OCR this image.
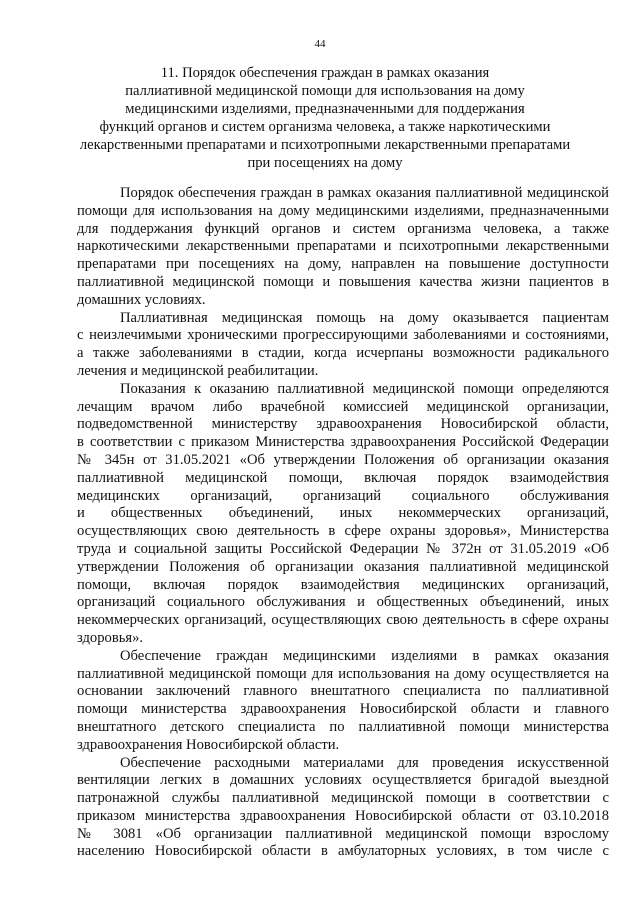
44
11. Порядок обеспечения граждан в рамках оказания
паллиативной медицинской помощи для использования на дому
медицинскими изделиями, предназначенными для поддержания
функций органов и систем организма человека, а также наркотическими
лекарственными препаратами и психотропными лекарственными препаратами
при посещениях на дому

Порядок обеспечения граждан в рамках оказания паллиативной медицинской
помощи для использования на дому медицинскими изделиями, предназначенными
для поддержания функций органов и систем организма человека, а также
наркотическими лекарственными препаратами и психотропными лекарственными
препаратами при посещениях на дому, направлен на повышение доступности
паллиативной медицинской помощи и повышения качества жизни пациентов в
домашних условиях.

Паллиативная медицинская помощь на дому оказывается пациентам
с неизлечимыми хроническими прогрессирующими заболеваниями и состояниями,
а также заболеваниями в стадии, когда исчерпаны возможности радикального
лечения и медицинской реабилитации.

Показания к оказанию паллиативной медицинской помощи определяются
лечащим врачом либо врачебной комиссией медицинской организации,
подведомственной министерству здравоохранения Новосибирской области,
в соответствии с приказом Министерства здравоохранения Российской Федерации
№ 345н от 31.05.2021 «Об утверждении Положения об организации оказания
паллиативной медицинской помощи, включая порядок взаимодействия
медицинских организаций, организаций социального обслуживания
и общественных объединений, иных некоммерческих организаций,
осуществляющих свою деятельность в сфере охраны здоровья», Министерства
труда и социальной защиты Российской Федерации № 372н от 31.05.2019 «Об
утверждении Положения об организации оказания паллиативной медицинской
помощи, включая порядок взаимодействия медицинских организаций,
организаций социального обслуживания и общественных объединений, иных
некоммерческих организаций, осуществляющих свою деятельность в сфере охраны
здоровья».

Обеспечение граждан медицинскими изделиями в рамках оказания
паллиативной медицинской помощи для использования на дому осуществляется на
основании заключений главного внештатного специалиста по паллиативной
помощи министерства здравоохранения Новосибирской области и главного
внештатного детского специалиста по паллиативной помощи министерства
здравоохранения Новосибирской области.

Обеспечение расходными материалами для проведения искусственной
вентиляции легких в домашних условиях осуществляется бригадой выездной
патронажной службы паллиативной медицинской помощи в соответствии с
приказом министерства здравоохранения Новосибирской области от 03.10.2018
№ 3081 «Об организации паллиативной медицинской помощи взрослому
населению Новосибирской области в амбулаторных условиях, в том числе с
